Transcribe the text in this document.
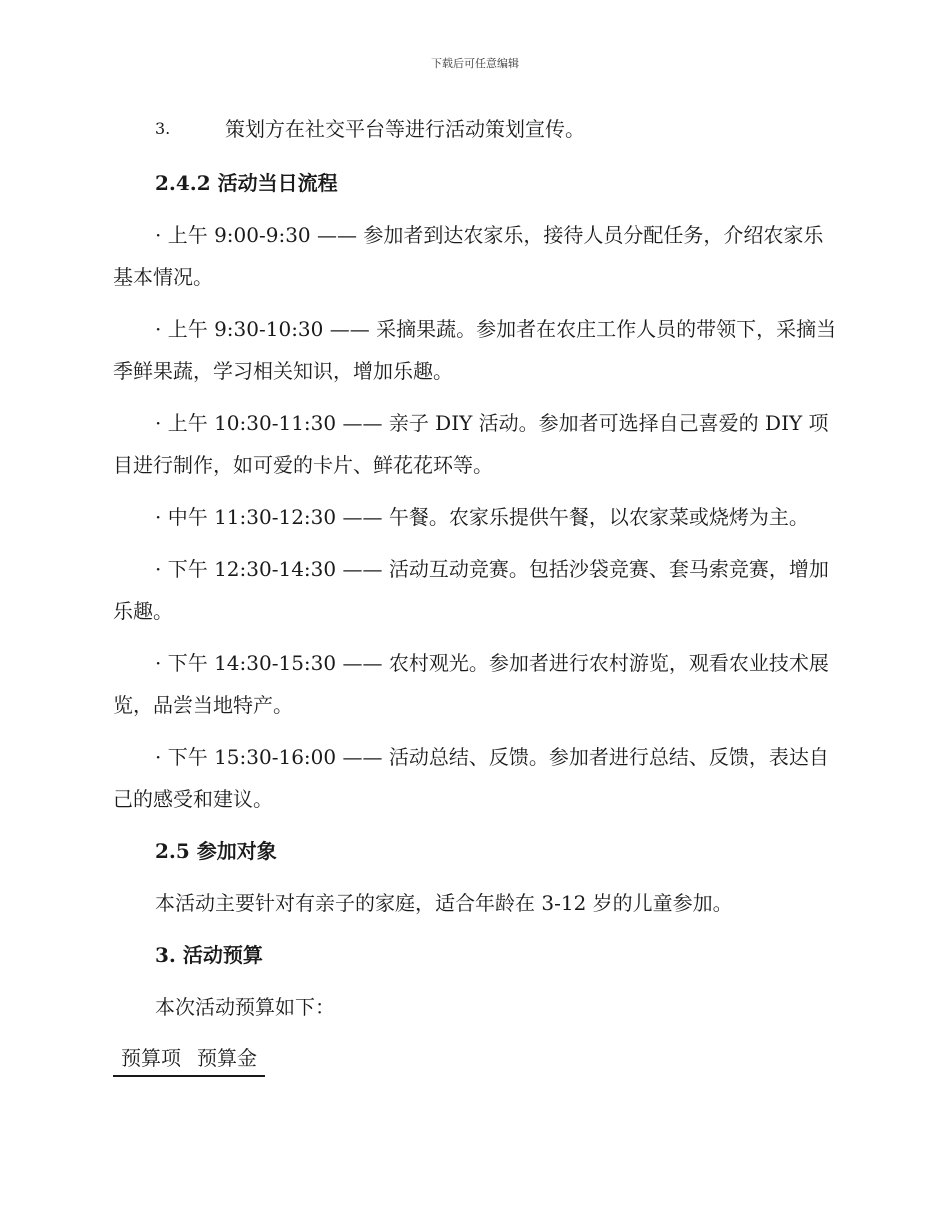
下载后可任意编辑
3.	策划方在社交平台等进行活动策划宣传。
2.4.2 活动当日流程

· 上午 9:00-9:30 —— 参加者到达农家乐，接待人员分配任务，介绍农家乐基本情况。

· 上午 9:30-10:30 —— 采摘果蔬。参加者在农庄工作人员的带领下，采摘当季鲜果蔬，学习相关知识，增加乐趣。

· 上午 10:30-11:30 —— 亲子 DIY 活动。参加者可选择自己喜爱的 DIY 项目进行制作，如可爱的卡片、鲜花花环等。

· 中午 11:30-12:30 —— 午餐。农家乐提供午餐，以农家菜或烧烤为主。

· 下午 12:30-14:30 —— 活动互动竞赛。包括沙袋竞赛、套马索竞赛，增加乐趣。

· 下午 14:30-15:30 —— 农村观光。参加者进行农村游览，观看农业技术展览，品尝当地特产。

· 下午 15:30-16:00 —— 活动总结、反馈。参加者进行总结、反馈，表达自己的感受和建议。

2.5 参加对象

本活动主要针对有亲子的家庭，适合年龄在 3-12 岁的儿童参加。

3. 活动预算

本次活动预算如下：

预算项	预算金
